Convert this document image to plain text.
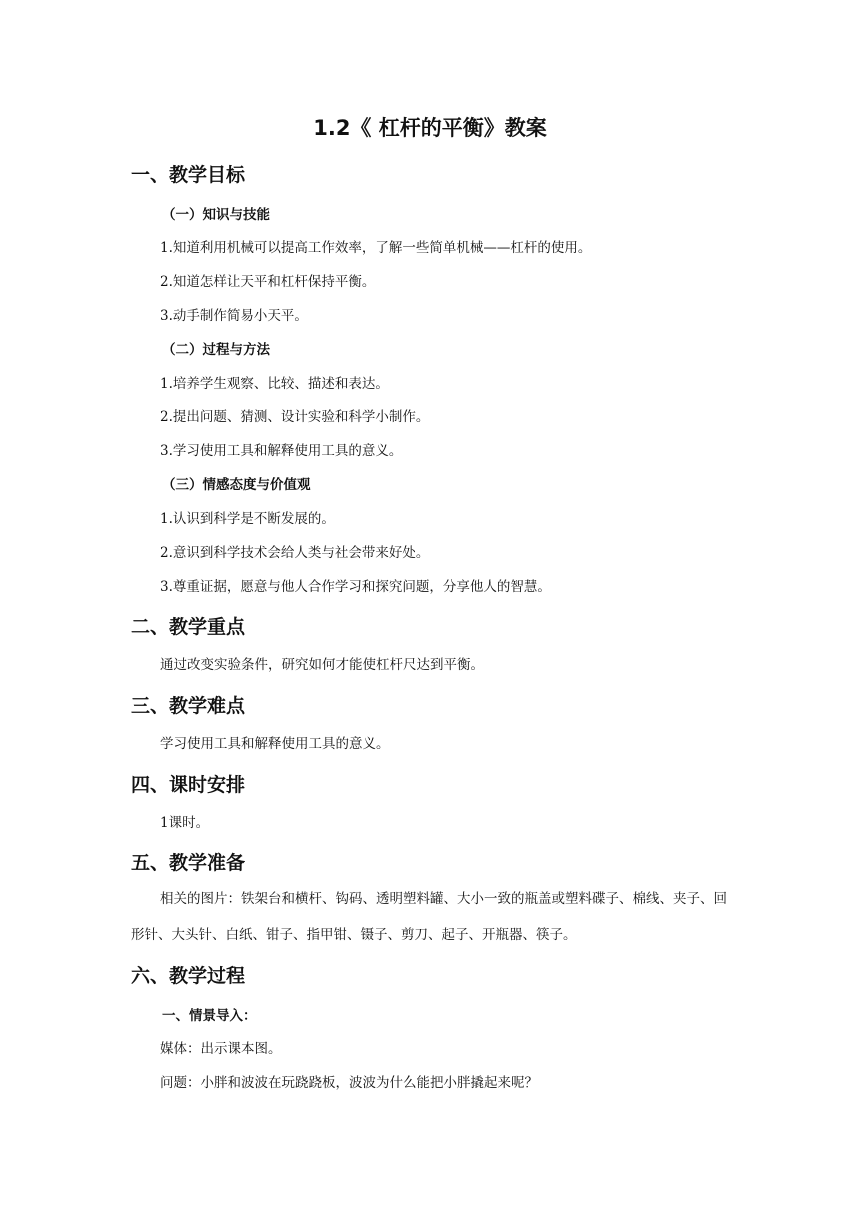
1.2《 杠杆的平衡》教案
一、教学目标
（一）知识与技能
1.知道利用机械可以提高工作效率，了解一些简单机械——杠杆的使用。
2.知道怎样让天平和杠杆保持平衡。
3.动手制作简易小天平。
（二）过程与方法
1.培养学生观察、比较、描述和表达。
2.提出问题、猜测、设计实验和科学小制作。
3.学习使用工具和解释使用工具的意义。
（三）情感态度与价值观
1.认识到科学是不断发展的。
2.意识到科学技术会给人类与社会带来好处。
3.尊重证据，愿意与他人合作学习和探究问题，分享他人的智慧。
二、教学重点
通过改变实验条件，研究如何才能使杠杆尺达到平衡。
三、教学难点
学习使用工具和解释使用工具的意义。
四、课时安排
1课时。
五、教学准备
相关的图片：铁架台和横杆、钩码、透明塑料罐、大小一致的瓶盖或塑料碟子、棉线、夹子、回形针、大头针、白纸、钳子、指甲钳、镊子、剪刀、起子、开瓶器、筷子。
六、教学过程
一、情景导入：
媒体：出示课本图。
问题：小胖和波波在玩跷跷板，波波为什么能把小胖撬起来呢？
